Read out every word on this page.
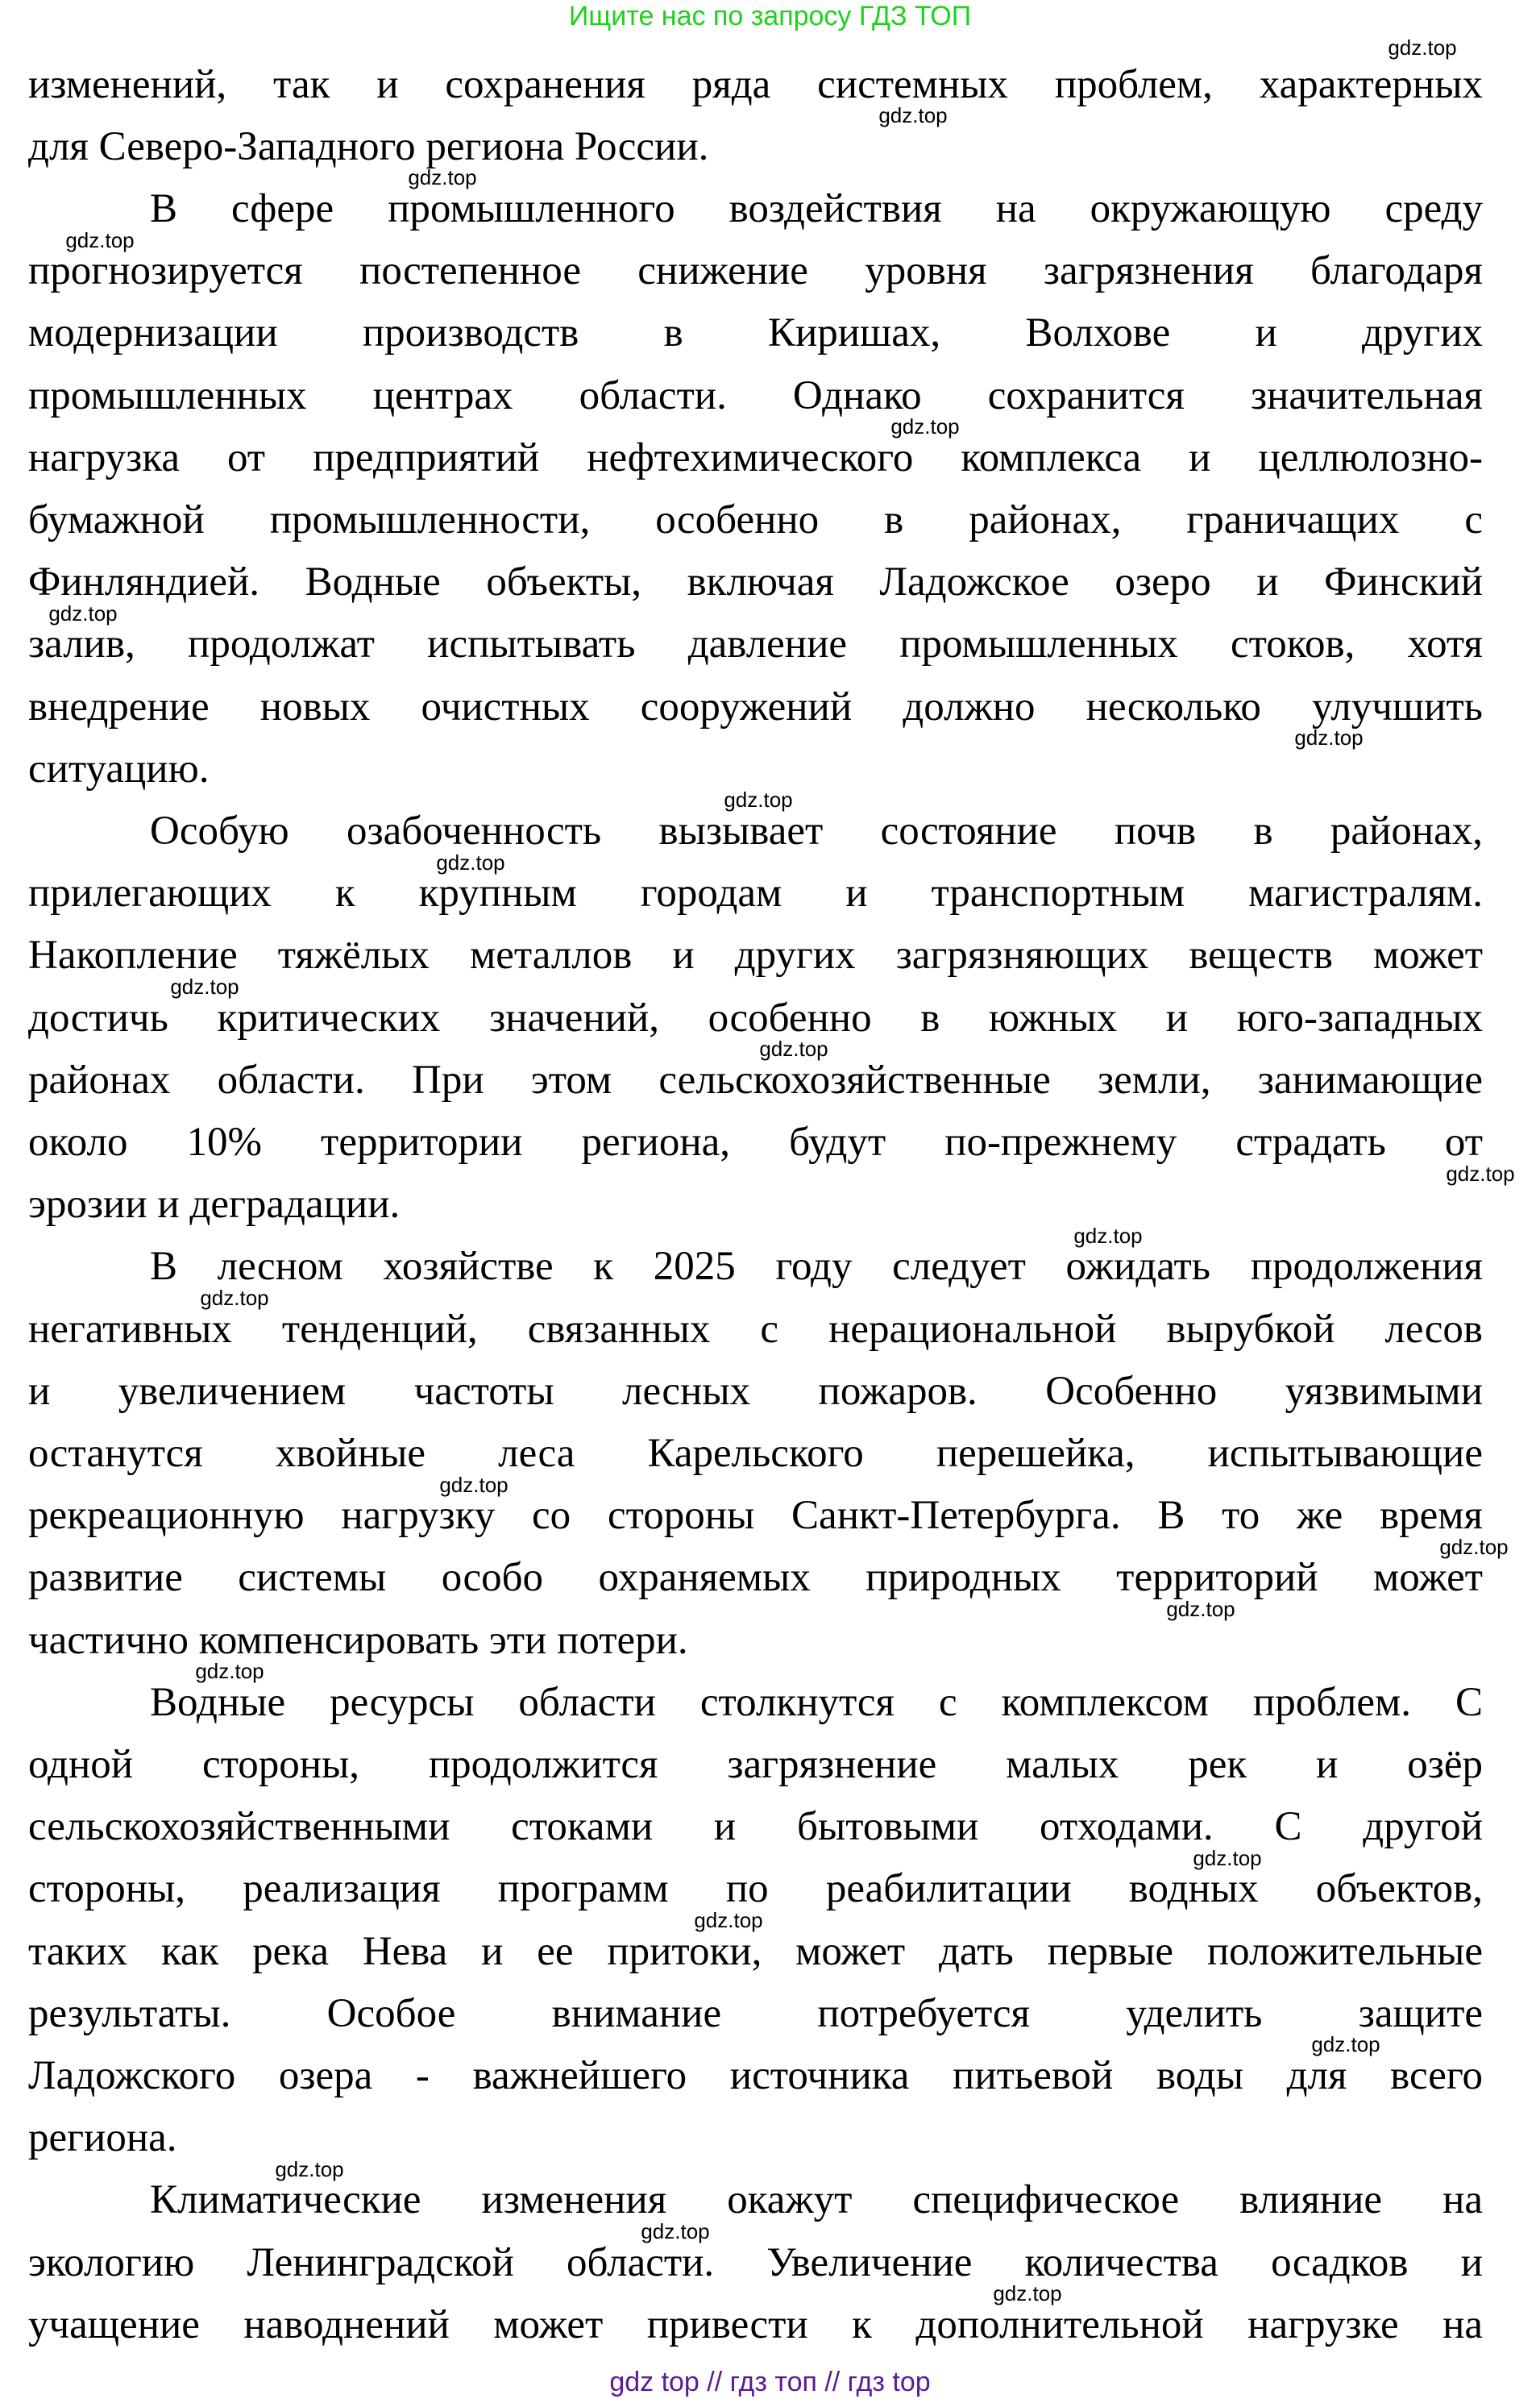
Ищите нас по запросу ГДЗ ТОП
изменений, так и сохранения ряда системных проблем, характерных
для Северо-Западного региона России.
В сфере промышленного воздействия на окружающую среду
прогнозируется постепенное снижение уровня загрязнения благодаря
модернизации производств в Киришах, Волхове и других
промышленных центрах области. Однако сохранится значительная
нагрузка от предприятий нефтехимического комплекса и целлюлозно-
бумажной промышленности, особенно в районах, граничащих с
Финляндией. Водные объекты, включая Ладожское озеро и Финский
залив, продолжат испытывать давление промышленных стоков, хотя
внедрение новых очистных сооружений должно несколько улучшить
ситуацию.
Особую озабоченность вызывает состояние почв в районах,
прилегающих к крупным городам и транспортным магистралям.
Накопление тяжёлых металлов и других загрязняющих веществ может
достичь критических значений, особенно в южных и юго-западных
районах области. При этом сельскохозяйственные земли, занимающие
около 10% территории региона, будут по-прежнему страдать от
эрозии и деградации.
В лесном хозяйстве к 2025 году следует ожидать продолжения
негативных тенденций, связанных с нерациональной вырубкой лесов
и увеличением частоты лесных пожаров. Особенно уязвимыми
останутся хвойные леса Карельского перешейка, испытывающие
рекреационную нагрузку со стороны Санкт-Петербурга. В то же время
развитие системы особо охраняемых природных территорий может
частично компенсировать эти потери.
Водные ресурсы области столкнутся с комплексом проблем. С
одной стороны, продолжится загрязнение малых рек и озёр
сельскохозяйственными стоками и бытовыми отходами. С другой
стороны, реализация программ по реабилитации водных объектов,
таких как река Нева и ее притоки, может дать первые положительные
результаты. Особое внимание потребуется уделить защите
Ладожского озера - важнейшего источника питьевой воды для всего
региона.
Климатические изменения окажут специфическое влияние на
экологию Ленинградской области. Увеличение количества осадков и
учащение наводнений может привести к дополнительной нагрузке на
gdz.top
gdz.top
gdz.top
gdz.top
gdz.top
gdz.top
gdz.top
gdz.top
gdz.top
gdz.top
gdz.top
gdz.top
gdz.top
gdz.top
gdz.top
gdz.top
gdz.top
gdz.top
gdz.top
gdz.top
gdz.top
gdz.top
gdz.top
gdz.top
gdz top // гдз топ // гдз top
